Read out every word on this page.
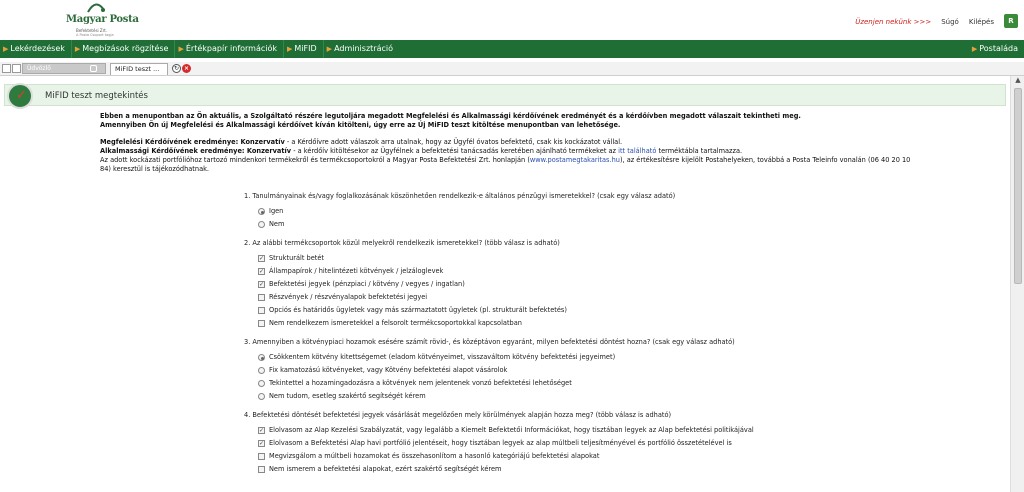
Magyar Posta
Befektetési Zrt.
A Posta Csoport tagja
Üzenjen nekünk >>> Súgó Kilépés	R
▶ Lekérdezések	▶ Megbízások rögzítése	▶ Értékpapír információk	▶ MiFID	▶ Adminisztráció	▶ Postaláda
Üdvözlő	MiFID teszt ...	↻ ×
✓ MiFID teszt megtekintés
Ebben a menupontban az Ön aktuális, a Szolgáltató részére legutoljára megadott Megfelelési és Alkalmassági kérdőívének eredményét és a kérdőívben megadott válaszait tekintheti meg.
Amennyiben Ön új Megfelelési és Alkalmassági kérdőívet kíván kitölteni, úgy erre az Új MiFID teszt kitöltése menupontban van lehetősége.
Megfelelési Kérdőívének eredménye: Konzervatív - a Kérdőívre adott válaszok arra utalnak, hogy az Ügyfél óvatos befektető, csak kis kockázatot vállal.
Alkalmassági Kérdőívének eredménye: Konzervatív - a kérdőív kitöltésekor az Ügyfélnek a befektetési tanácsadás keretében ajánlható termékeket az itt található terméktábla tartalmazza.
Az adott kockázati portfólióhoz tartozó mindenkori termékekről és termékcsoportokról a Magyar Posta Befektetési Zrt. honlapján (www.postamegtakaritas.hu), az értékesítésre kijelölt Postahelyeken, továbbá a Posta Teleinfo vonalán (06 40 20 10 84) keresztül is tájékozódhatnak.
1. Tanulmányainak és/vagy foglalkozásának köszönhetően rendelkezik-e általános pénzügyi ismeretekkel? (csak egy válasz adató)
Igen
Nem
2. Az alábbi termékcsoportok közül melyekről rendelkezik ismeretekkel? (több válasz is adható)
✓ Strukturált betét
✓ Állampapírok / hitelintézeti kötvények / jelzáloglevek
✓ Befektetési jegyek (pénzpiaci / kötvény / vegyes / ingatlan)
Részvények / részvényalapok befektetési jegyei
Opciós és határidős ügyletek vagy más származtatott ügyletek (pl. strukturált befektetés)
Nem rendelkezem ismeretekkel a felsorolt termékcsoportokkal kapcsolatban
3. Amennyiben a kötvénypiaci hozamok esésére számít rövid-, és középtávon egyaránt, milyen befektetési döntést hozna? (csak egy válasz adható)
Csökkentem kötvény kitettségemet (eladom kötvényeimet, visszaváltom kötvény befektetési jegyeimet)
Fix kamatozású kötvényeket, vagy Kötvény befektetési alapot vásárolok
Tekintettel a hozamingadozásra a kötvények nem jelentenek vonzó befektetési lehetőséget
Nem tudom, esetleg szakértő segítségét kérem
4. Befektetési döntését befektetési jegyek vásárlását megelőzően mely körülmények alapján hozza meg? (több válasz is adható)
✓ Elolvasom az Alap Kezelési Szabályzatát, vagy legalább a Kiemelt Befektetői Információkat, hogy tisztában legyek az Alap befektetési politikájával
✓ Elolvasom a Befektetési Alap havi portfólió jelentéseit, hogy tisztában legyek az alap múltbeli teljesítményével és portfólió összetételével is
Megvizsgálom a múltbeli hozamokat és összehasonlítom a hasonló kategóriájú befektetési alapokat
Nem ismerem a befektetési alapokat, ezért szakértő segítségét kérem
▲
